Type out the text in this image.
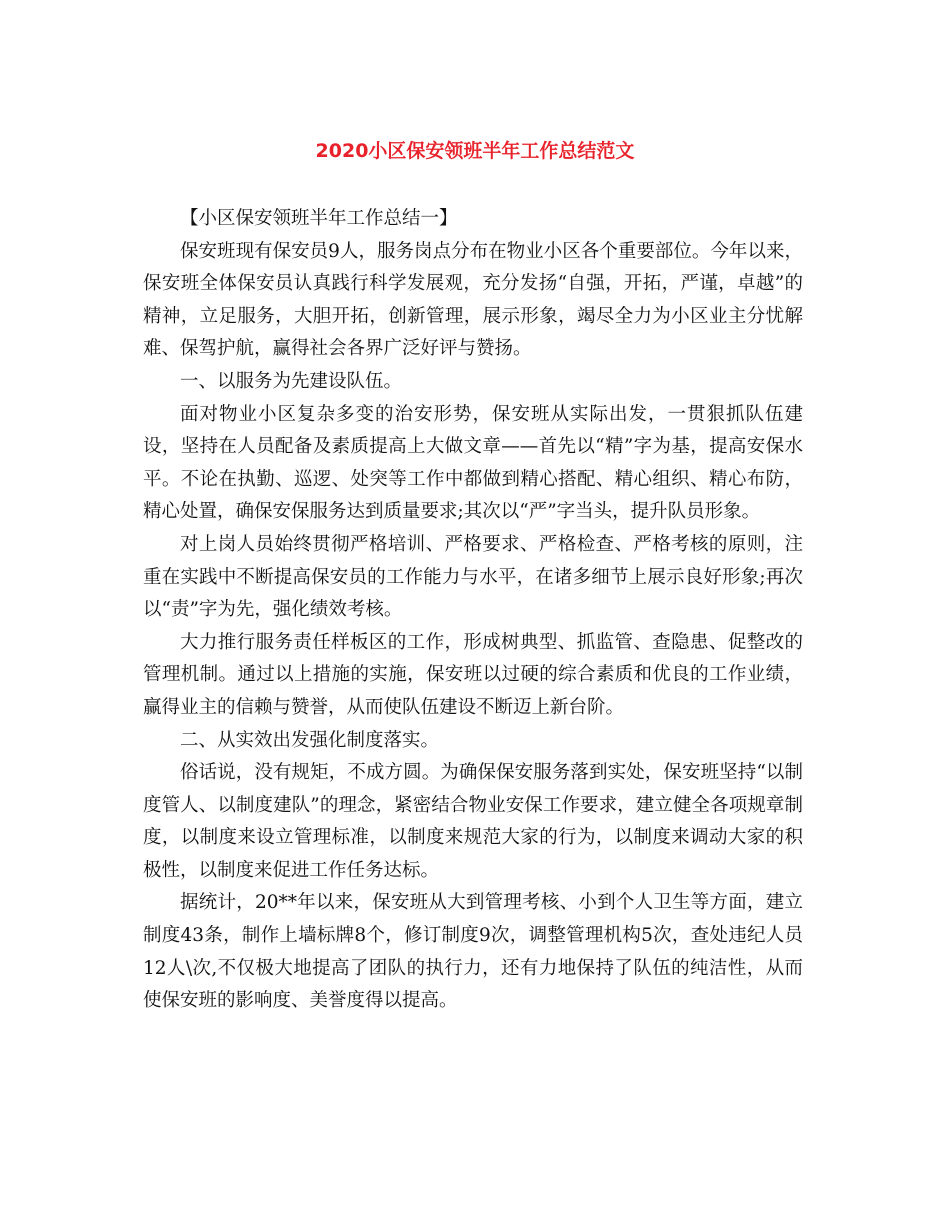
2020小区保安领班半年工作总结范文

【小区保安领班半年工作总结一】

保安班现有保安员9人，服务岗点分布在物业小区各个重要部位。今年以来，保安班全体保安员认真践行科学发展观，充分发扬“自强，开拓，严谨，卓越”的精神，立足服务，大胆开拓，创新管理，展示形象，竭尽全力为小区业主分忧解难、保驾护航，赢得社会各界广泛好评与赞扬。

一、以服务为先建设队伍。

面对物业小区复杂多变的治安形势，保安班从实际出发，一贯狠抓队伍建设，坚持在人员配备及素质提高上大做文章——首先以“精”字为基，提高安保水平。不论在执勤、巡逻、处突等工作中都做到精心搭配、精心组织、精心布防，精心处置，确保安保服务达到质量要求;其次以“严”字当头，提升队员形象。

对上岗人员始终贯彻严格培训、严格要求、严格检查、严格考核的原则，注重在实践中不断提高保安员的工作能力与水平，在诸多细节上展示良好形象;再次以“责”字为先，强化绩效考核。

大力推行服务责任样板区的工作，形成树典型、抓监管、查隐患、促整改的管理机制。通过以上措施的实施，保安班以过硬的综合素质和优良的工作业绩，赢得业主的信赖与赞誉，从而使队伍建设不断迈上新台阶。

二、从实效出发强化制度落实。

俗话说，没有规矩，不成方圆。为确保保安服务落到实处，保安班坚持“以制度管人、以制度建队”的理念，紧密结合物业安保工作要求，建立健全各项规章制度，以制度来设立管理标准，以制度来规范大家的行为，以制度来调动大家的积极性，以制度来促进工作任务达标。

据统计，20**年以来，保安班从大到管理考核、小到个人卫生等方面，建立制度43条，制作上墙标牌8个，修订制度9次，调整管理机构5次，查处违纪人员12人\次,不仅极大地提高了团队的执行力，还有力地保持了队伍的纯洁性，从而使保安班的影响度、美誉度得以提高。
